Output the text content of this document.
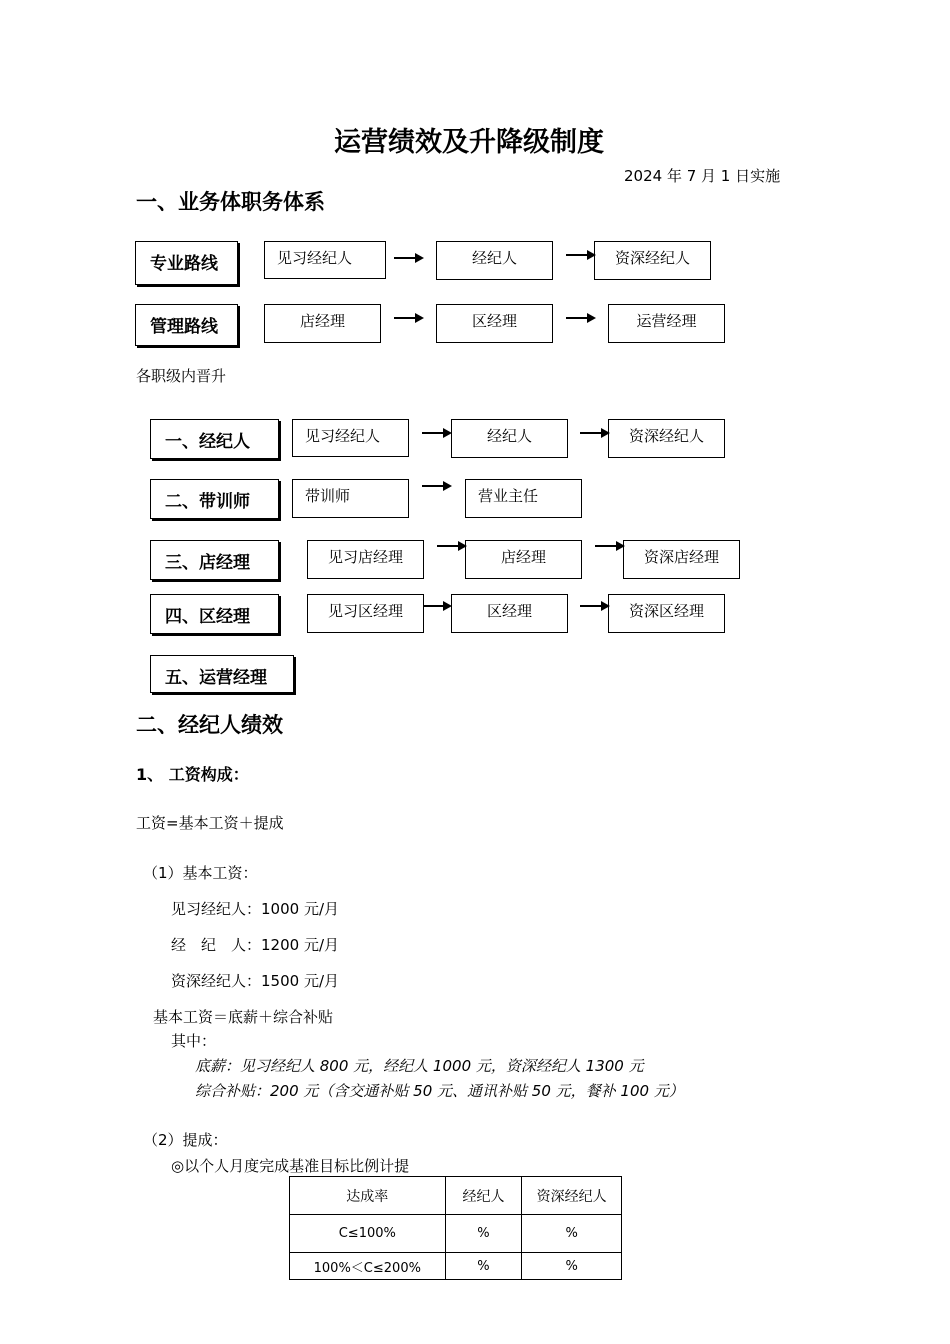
运营绩效及升降级制度
2024 年 7 月 1 日实施
一、业务体职务体系
专业路线	见习经纪人	经纪人	资深经纪人
管理路线	店经理	区经理	运营经理
各职级内晋升
一、经纪人	见习经纪人	经纪人	资深经纪人
二、带训师	带训师	营业主任
三、店经理	见习店经理	店经理	资深店经理
四、区经理	见习区经理	区经理	资深区经理
五、运营经理
二、经纪人绩效
1、 工资构成：
工资=基本工资＋提成
（1）基本工资：
见习经纪人：1000 元/月
经　纪　人：1200 元/月
资深经纪人：1500 元/月
基本工资＝底薪＋综合补贴
其中：
底薪：见习经纪人 800 元，经纪人 1000 元，资深经纪人 1300 元
综合补贴：200 元（含交通补贴 50 元、通讯补贴 50 元，餐补 100 元）
（2）提成：
◎以个人月度完成基准目标比例计提
达成率	经纪人	资深经纪人
C≤100%	%	%
100%＜C≤200%	%	%
